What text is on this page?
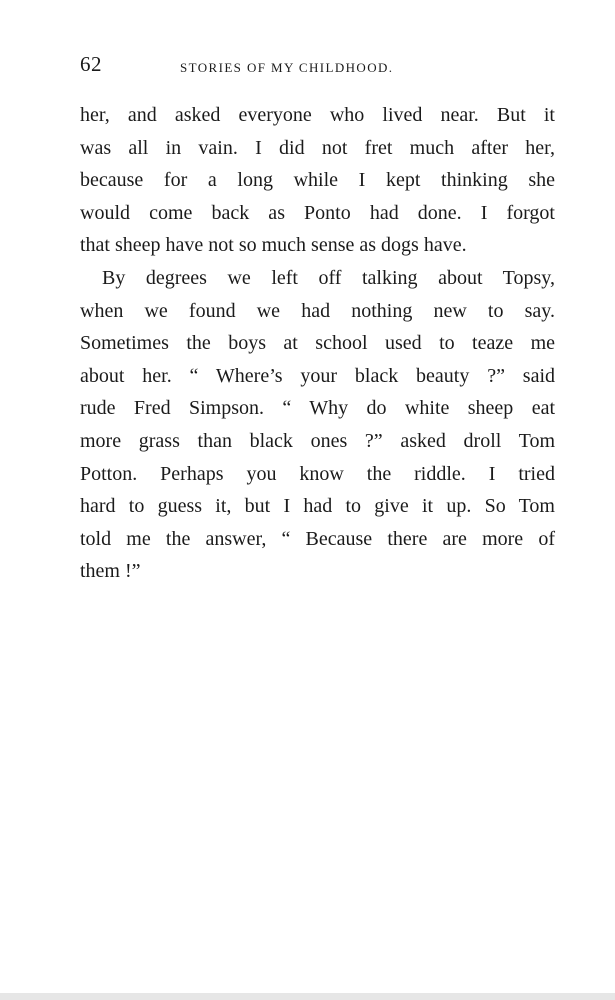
62	STORIES OF MY CHILDHOOD.
her, and asked everyone who lived near. But it
was all in vain. I did not fret much after her,
because for a long while I kept thinking she
would come back as Ponto had done. I forgot
that sheep have not so much sense as dogs have.
By degrees we left off talking about Topsy,
when we found we had nothing new to say.
Sometimes the boys at school used to teaze me
about her. “ Where’s your black beauty ?” said
rude Fred Simpson. “ Why do white sheep eat
more grass than black ones ?” asked droll Tom
Potton. Perhaps you know the riddle. I tried
hard to guess it, but I had to give it up. So Tom
told me the answer, “ Because there are more of
them !”
